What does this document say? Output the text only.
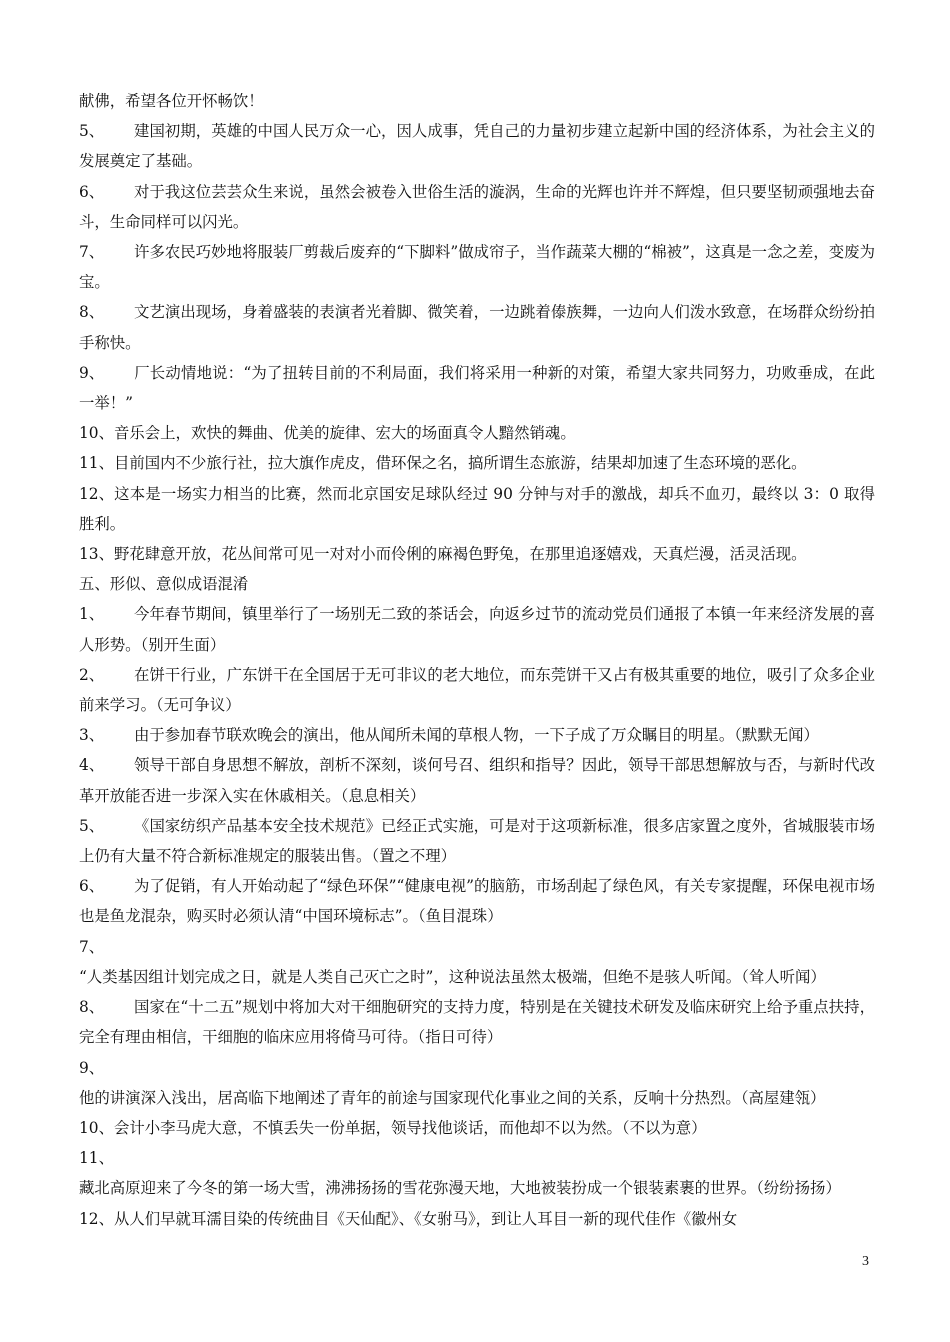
献佛，希望各位开怀畅饮！

5、 建国初期，英雄的中国人民万众一心，因人成事，凭自己的力量初步建立起新中国的经济体系，为社会主义的发展奠定了基础。

6、 对于我这位芸芸众生来说，虽然会被卷入世俗生活的漩涡，生命的光辉也许并不辉煌，但只要坚韧顽强地去奋斗，生命同样可以闪光。

7、 许多农民巧妙地将服装厂剪裁后废弃的“下脚料”做成帘子，当作蔬菜大棚的“棉被”，这真是一念之差，变废为宝。

8、 文艺演出现场，身着盛装的表演者光着脚、微笑着，一边跳着傣族舞，一边向人们泼水致意，在场群众纷纷拍手称快。

9、 厂长动情地说：“为了扭转目前的不利局面，我们将采用一种新的对策，希望大家共同努力，功败垂成，在此一举！”

10、音乐会上，欢快的舞曲、优美的旋律、宏大的场面真令人黯然销魂。

11、目前国内不少旅行社，拉大旗作虎皮，借环保之名，搞所谓生态旅游，结果却加速了生态环境的恶化。

12、这本是一场实力相当的比赛，然而北京国安足球队经过 90 分钟与对手的激战，却兵不血刃，最终以 3：0 取得胜利。

13、野花肆意开放，花丛间常可见一对对小而伶俐的麻褐色野兔，在那里追逐嬉戏，天真烂漫，活灵活现。

五、形似、意似成语混淆

1、 今年春节期间，镇里举行了一场别无二致的茶话会，向返乡过节的流动党员们通报了本镇一年来经济发展的喜人形势。（别开生面）

2、 在饼干行业，广东饼干在全国居于无可非议的老大地位，而东莞饼干又占有极其重要的地位，吸引了众多企业前来学习。（无可争议）

3、 由于参加春节联欢晚会的演出，他从闻所未闻的草根人物，一下子成了万众瞩目的明星。（默默无闻）

4、 领导干部自身思想不解放，剖析不深刻，谈何号召、组织和指导？因此，领导干部思想解放与否，与新时代改革开放能否进一步深入实在休戚相关。（息息相关）

5、 《国家纺织产品基本安全技术规范》已经正式实施，可是对于这项新标准，很多店家置之度外，省城服装市场上仍有大量不符合新标准规定的服装出售。（置之不理）

6、 为了促销，有人开始动起了“绿色环保”“健康电视”的脑筋，市场刮起了绿色风，有关专家提醒，环保电视市场也是鱼龙混杂，购买时必须认清“中国环境标志”。（鱼目混珠）

7、“人类基因组计划完成之日，就是人类自己灭亡之时”，这种说法虽然太极端，但绝不是骇人听闻。（耸人听闻）

8、 国家在“十二五”规划中将加大对干细胞研究的支持力度，特别是在关键技术研发及临床研究上给予重点扶持，完全有理由相信，干细胞的临床应用将倚马可待。（指日可待）

9、他的讲演深入浅出，居高临下地阐述了青年的前途与国家现代化事业之间的关系，反响十分热烈。（高屋建瓴）

10、会计小李马虎大意，不慎丢失一份单据，领导找他谈话，而他却不以为然。（不以为意）

11、藏北高原迎来了今冬的第一场大雪，沸沸扬扬的雪花弥漫天地，大地被装扮成一个银装素裹的世界。（纷纷扬扬）

12、从人们早就耳濡目染的传统曲目《天仙配》、《女驸马》，到让人耳目一新的现代佳作《徽州女

3
